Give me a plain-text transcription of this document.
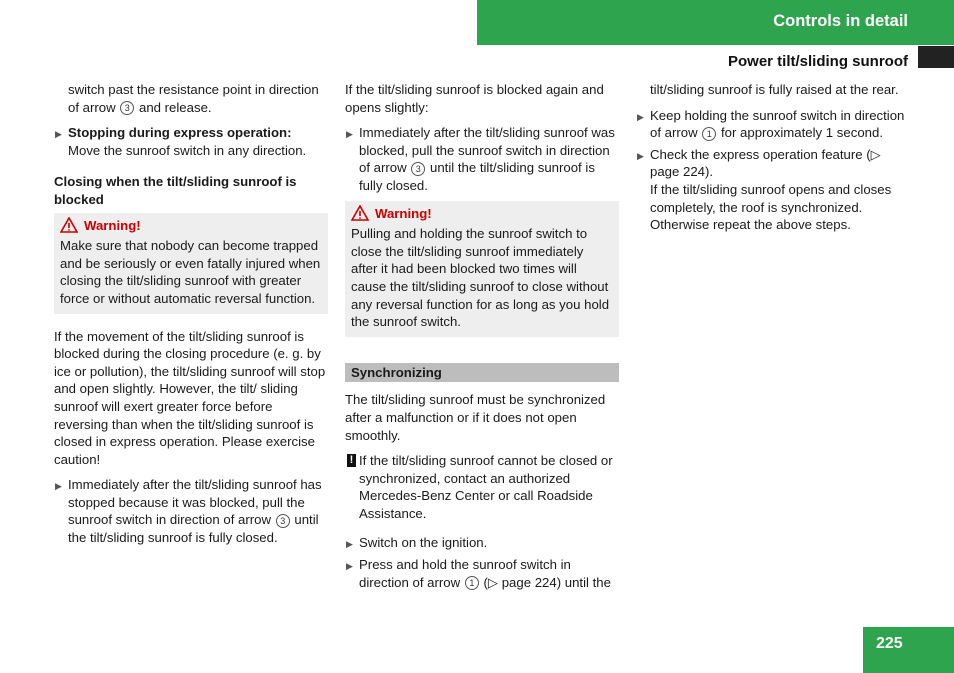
Controls in detail
Power tilt/sliding sunroof

switch past the resistance point in direction of arrow 3 and release.

▶ Stopping during express operation:
Move the sunroof switch in any direction.
Closing when the tilt/sliding sunroof is blocked
Warning!
Make sure that nobody can become trapped and be seriously or even fatally injured when closing the tilt/sliding sunroof with greater force or without automatic reversal function.

If the movement of the tilt/sliding sunroof is blocked during the closing procedure (e. g. by ice or pollution), the tilt/sliding sunroof will stop and open slightly. However, the tilt/ sliding sunroof will exert greater force before reversing than when the tilt/sliding sunroof is closed in express operation. Please exercise caution!

▶ Immediately after the tilt/sliding sunroof has stopped because it was blocked, pull the sunroof switch in direction of arrow 3 until the tilt/sliding sunroof is fully closed.

If the tilt/sliding sunroof is blocked again and opens slightly:

▶ Immediately after the tilt/sliding sunroof was blocked, pull the sunroof switch in direction of arrow 3 until the tilt/sliding sunroof is fully closed.
Warning!
Pulling and holding the sunroof switch to close the tilt/sliding sunroof immediately after it had been blocked two times will cause the tilt/sliding sunroof to close without any reversal function for as long as you hold the sunroof switch.
Synchronizing

The tilt/sliding sunroof must be synchronized after a malfunction or if it does not open smoothly.

! If the tilt/sliding sunroof cannot be closed or synchronized, contact an authorized Mercedes-Benz Center or call Roadside Assistance.
▶ Switch on the ignition.
▶ Press and hold the sunroof switch in direction of arrow 1 (▷ page 224) until the

tilt/sliding sunroof is fully raised at the rear.

▶ Keep holding the sunroof switch in direction of arrow 1 for approximately 1 second.
▶ Check the express operation feature (▷ page 224).
If the tilt/sliding sunroof opens and closes completely, the roof is synchronized. Otherwise repeat the above steps.
225
